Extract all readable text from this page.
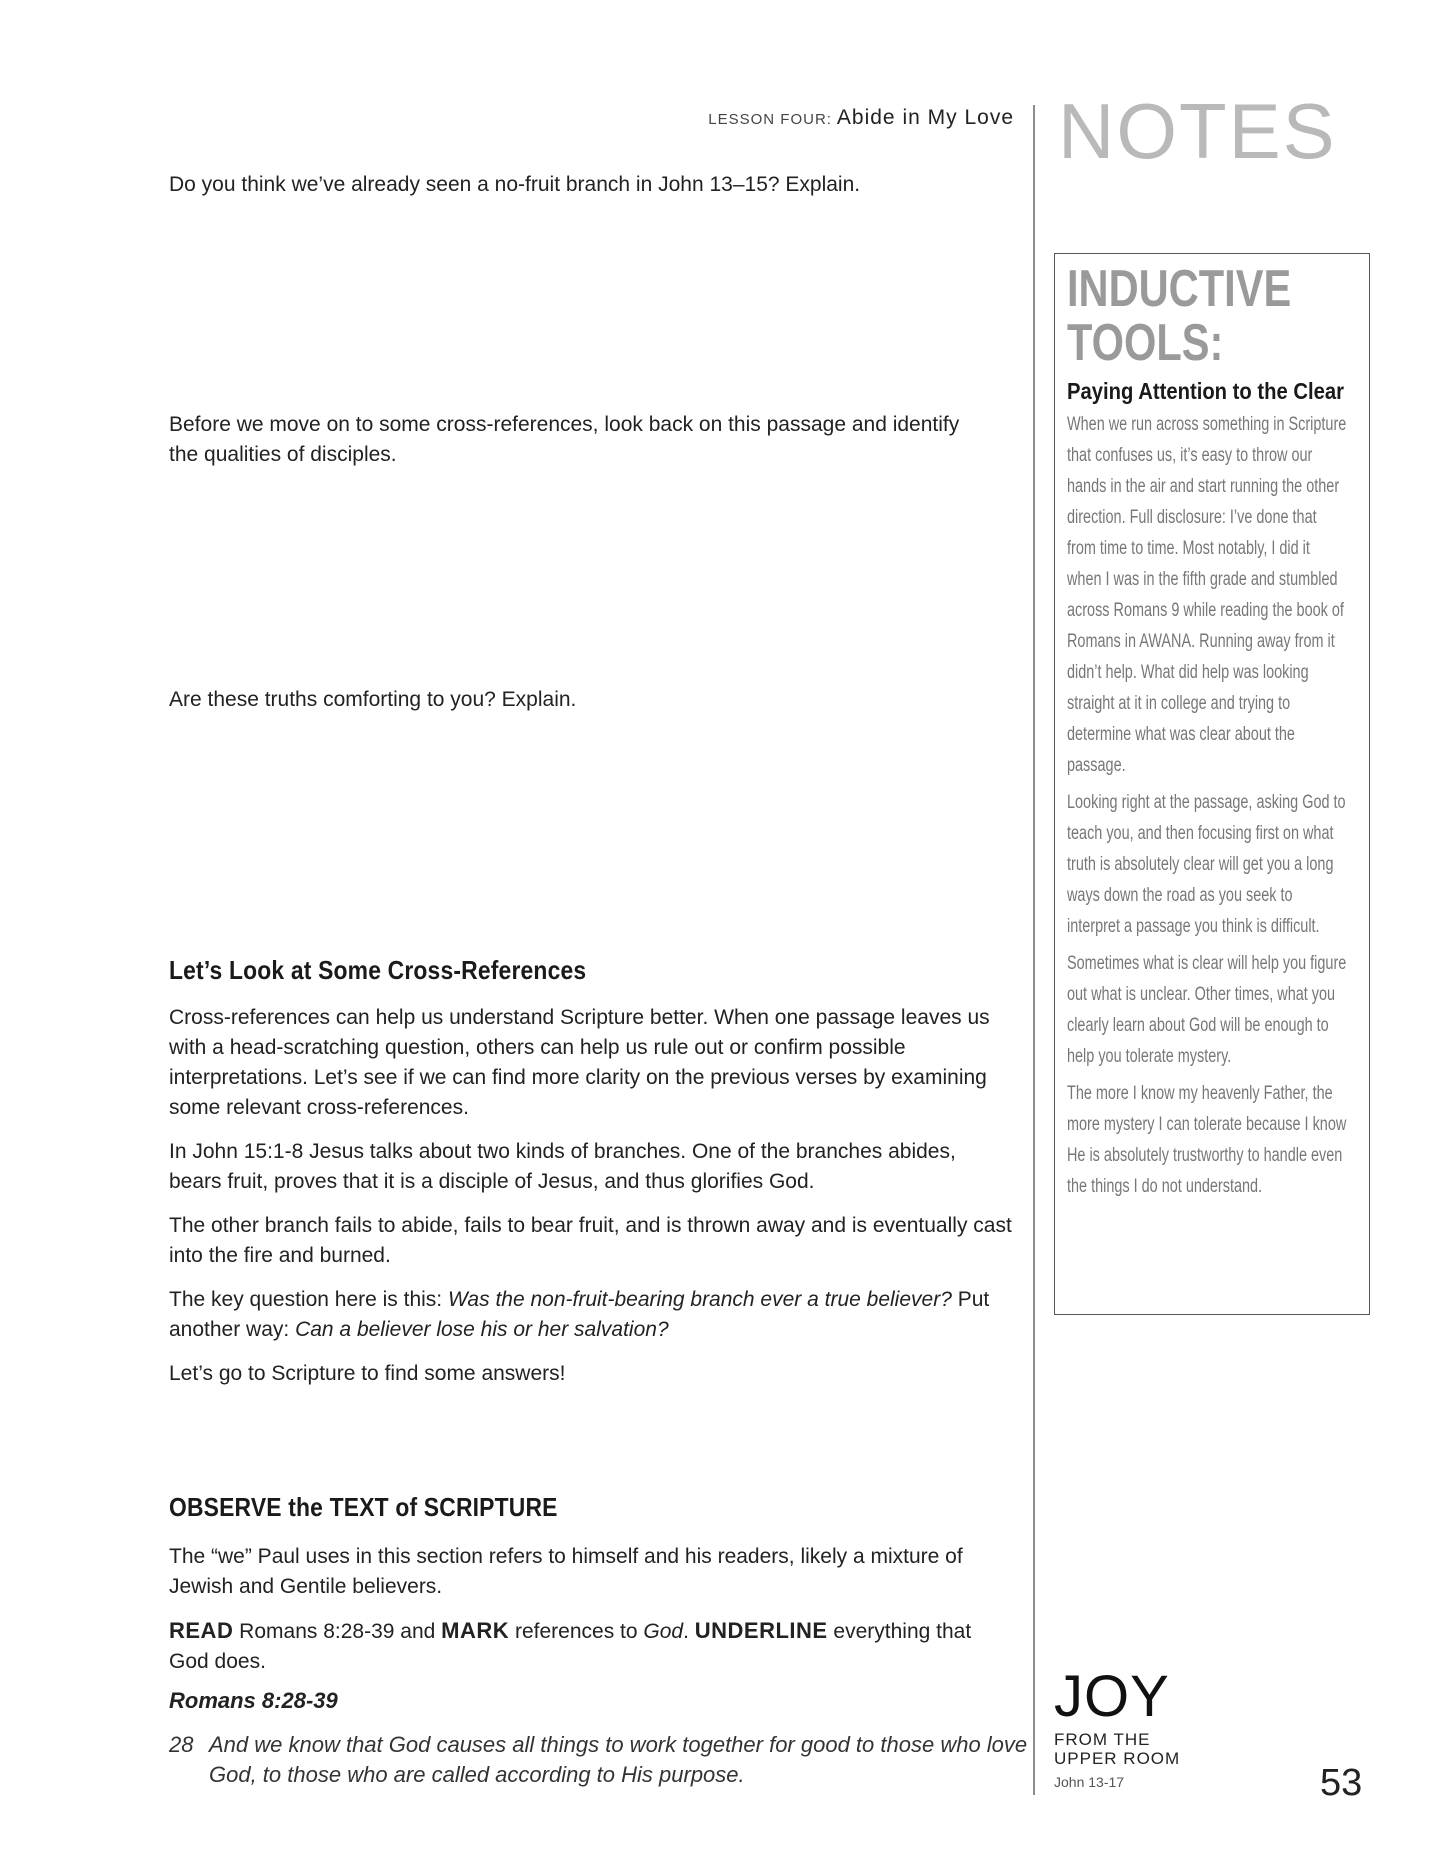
LESSON FOUR: Abide in My Love NOTES

Do you think we’ve already seen a no-fruit branch in John 13–15? Explain.

Before we move on to some cross-references, look back on this passage and identify the qualities of disciples.

Are these truths comforting to you? Explain.

Let’s Look at Some Cross-References

Cross-references can help us understand Scripture better. When one passage leaves us with a head-scratching question, others can help us rule out or confirm possible interpretations. Let’s see if we can find more clarity on the previous verses by examining some relevant cross-references.

In John 15:1-8 Jesus talks about two kinds of branches. One of the branches abides, bears fruit, proves that it is a disciple of Jesus, and thus glorifies God.

The other branch fails to abide, fails to bear fruit, and is thrown away and is eventually cast into the fire and burned.

The key question here is this: Was the non-fruit-bearing branch ever a true believer? Put another way: Can a believer lose his or her salvation?

Let’s go to Scripture to find some answers!

OBSERVE the TEXT of SCRIPTURE

The “we” Paul uses in this section refers to himself and his readers, likely a mixture of Jewish and Gentile believers.

READ Romans 8:28-39 and MARK references to God. UNDERLINE everything that God does.

Romans 8:28-39

28 And we know that God causes all things to work together for good to those who love God, to those who are called according to His purpose.

INDUCTIVE

TOOLS:

Paying Attention to the Clear

When we run across something in Scripture that confuses us, it’s easy to throw our hands in the air and start running the other direction. Full disclosure: I’ve done that from time to time. Most notably, I did it when I was in the fifth grade and stumbled across Romans 9 while reading the book of Romans in AWANA. Running away from it didn’t help. What did help was looking straight at it in college and trying to determine what was clear about the passage.

Looking right at the passage, asking God to teach you, and then focusing first on what truth is absolutely clear will get you a long ways down the road as you seek to interpret a passage you think is difficult.

Sometimes what is clear will help you figure out what is unclear. Other times, what you clearly learn about God will be enough to help you tolerate mystery.

The more I know my heavenly Father, the more mystery I can tolerate because I know He is absolutely trustworthy to handle even the things I do not understand.

JOY

FROM THE

UPPER ROOM

John 13-17	53
